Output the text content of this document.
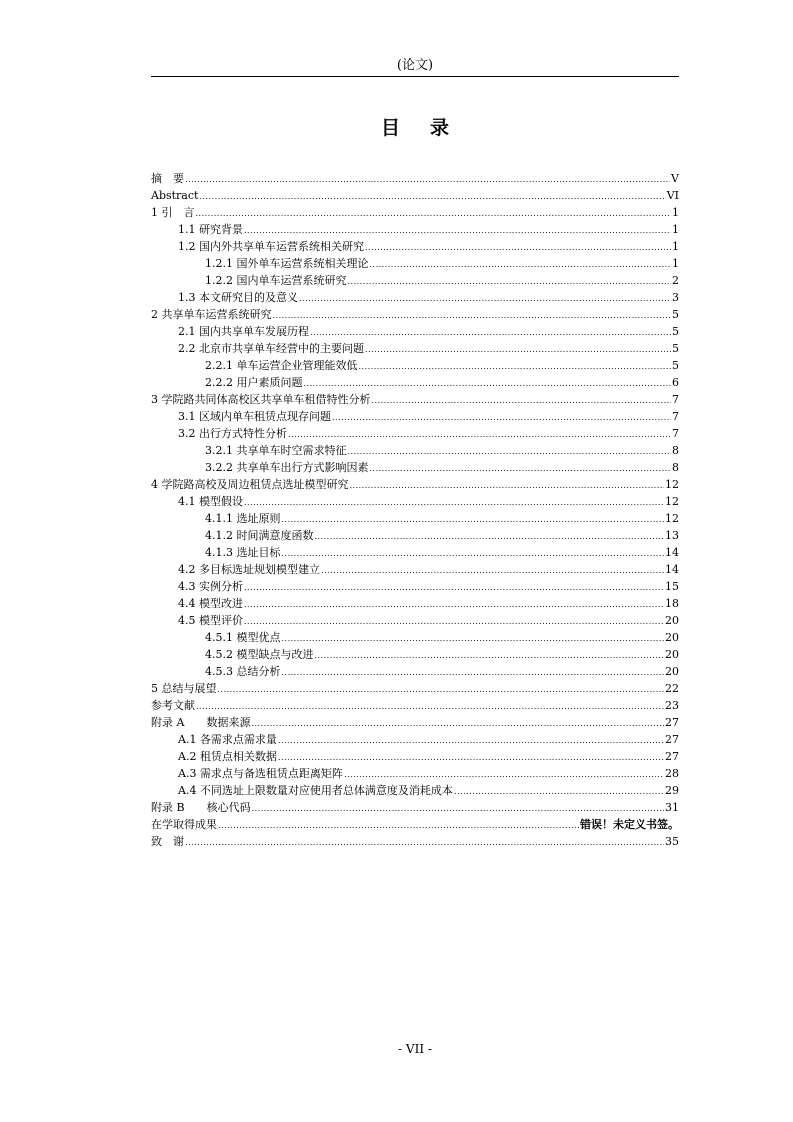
(论文)
目录
摘　要 .....	V
Abstract .....	VI
1 引　言 .....	1
1.1 研究背景 .....	1
1.2 国内外共享单车运营系统相关研究 .....	1
1.2.1 国外单车运营系统相关理论 .....	1
1.2.2 国内单车运营系统研究 .....	2
1.3 本文研究目的及意义 .....	3
2 共享单车运营系统研究 .....	5
2.1 国内共享单车发展历程 .....	5
2.2 北京市共享单车经营中的主要问题 .....	5
2.2.1 单车运营企业管理能效低 .....	5
2.2.2 用户素质问题 .....	6
3 学院路共同体高校区共享单车租借特性分析 .....	7
3.1 区域内单车租赁点现存问题 .....	7
3.2 出行方式特性分析 .....	7
3.2.1 共享单车时空需求特征 .....	8
3.2.2 共享单车出行方式影响因素 .....	8
4 学院路高校及周边租赁点选址模型研究 .....	12
4.1 模型假设 .....	12
4.1.1 选址原则 .....	12
4.1.2 时间满意度函数 .....	13
4.1.3 选址目标 .....	14
4.2 多目标选址规划模型建立 .....	14
4.3 实例分析 .....	15
4.4 模型改进 .....	18
4.5 模型评价 .....	20
4.5.1 模型优点 .....	20
4.5.2 模型缺点与改进 .....	20
4.5.3 总结分析 .....	20
5 总结与展望 .....	22
参考文献 .....	23
附录 A　　数据来源 .....	27
A.1 各需求点需求量 .....	27
A.2 租赁点相关数据 .....	27
A.3 需求点与备选租赁点距离矩阵 .....	28
A.4 不同选址上限数量对应使用者总体满意度及消耗成本 .....	29
附录 B　　核心代码 .....	31
在学取得成果 .....	错误！未定义书签。
致　谢 .....	35
- VII -
